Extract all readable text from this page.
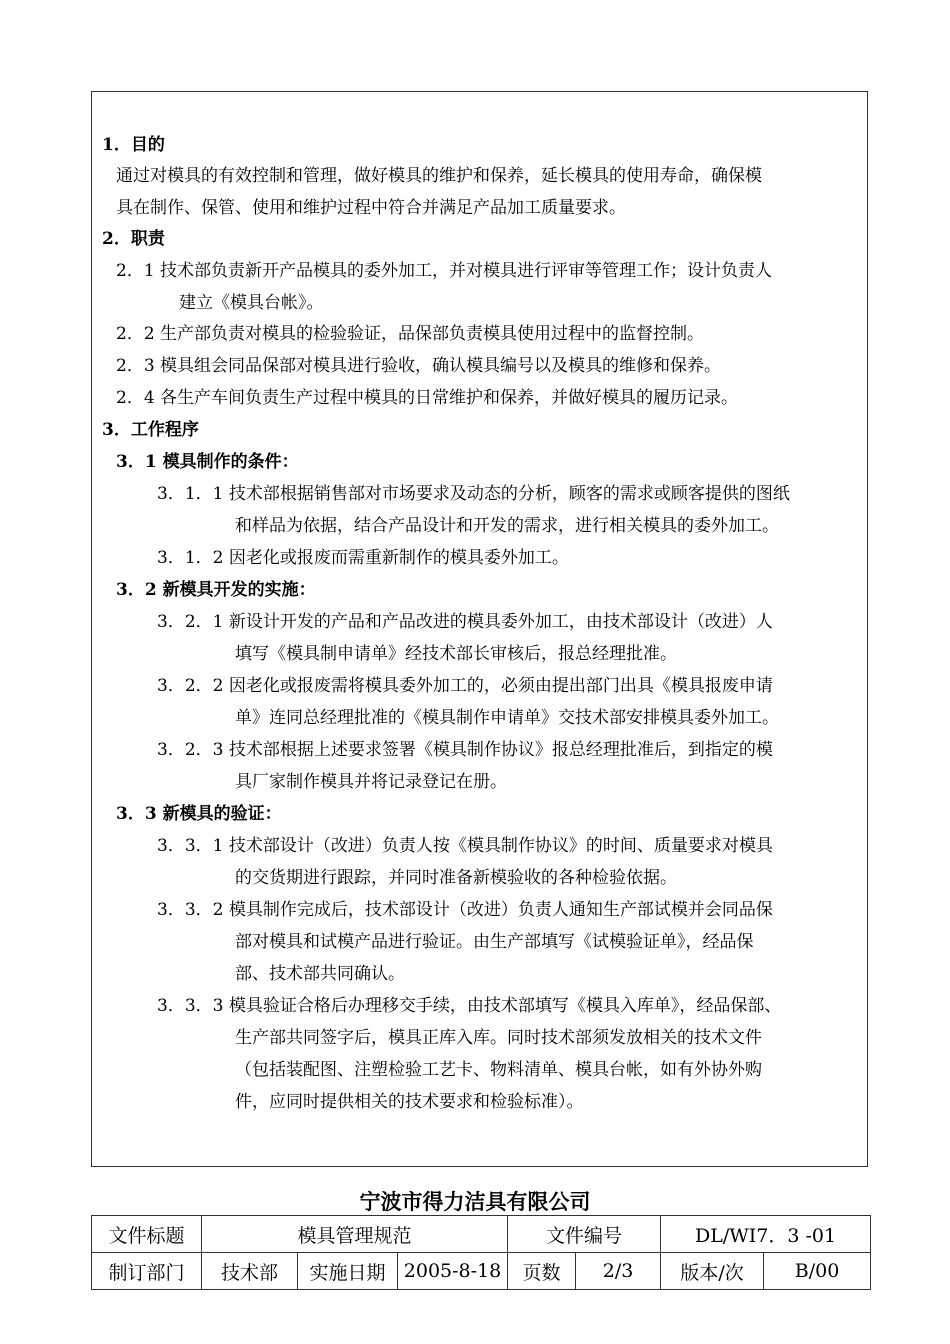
1．目的
通过对模具的有效控制和管理，做好模具的维护和保养，延长模具的使用寿命，确保模
具在制作、保管、使用和维护过程中符合并满足产品加工质量要求。
2．职责
2．1 技术部负责新开产品模具的委外加工，并对模具进行评审等管理工作；设计负责人
建立《模具台帐》。
2．2 生产部负责对模具的检验验证，品保部负责模具使用过程中的监督控制。
2．3 模具组会同品保部对模具进行验收，确认模具编号以及模具的维修和保养。
2．4 各生产车间负责生产过程中模具的日常维护和保养，并做好模具的履历记录。
3．工作程序
3．1 模具制作的条件：
3．1．1 技术部根据销售部对市场要求及动态的分析，顾客的需求或顾客提供的图纸
和样品为依据，结合产品设计和开发的需求，进行相关模具的委外加工。
3．1．2 因老化或报废而需重新制作的模具委外加工。
3．2 新模具开发的实施：
3．2．1 新设计开发的产品和产品改进的模具委外加工，由技术部设计（改进）人
填写《模具制申请单》经技术部长审核后，报总经理批准。
3．2．2 因老化或报废需将模具委外加工的，必须由提出部门出具《模具报废申请
单》连同总经理批准的《模具制作申请单》交技术部安排模具委外加工。
3．2．3 技术部根据上述要求签署《模具制作协议》报总经理批准后，到指定的模
具厂家制作模具并将记录登记在册。
3．3 新模具的验证：
3．3．1 技术部设计（改进）负责人按《模具制作协议》的时间、质量要求对模具
的交货期进行跟踪，并同时准备新模验收的各种检验依据。
3．3．2 模具制作完成后，技术部设计（改进）负责人通知生产部试模并会同品保
部对模具和试模产品进行验证。由生产部填写《试模验证单》，经品保
部、技术部共同确认。
3．3．3 模具验证合格后办理移交手续，由技术部填写《模具入库单》，经品保部、
生产部共同签字后，模具正库入库。同时技术部须发放相关的技术文件
（包括装配图、注塑检验工艺卡、物料清单、模具台帐，如有外协外购
件，应同时提供相关的技术要求和检验标准）。
宁波市得力洁具有限公司
文件标题	模具管理规范			文件编号		DL/WI7．3 -01	
制订部门	技术部	实施日期	2005-8-18	页数	2/3	版本/次	B/00
